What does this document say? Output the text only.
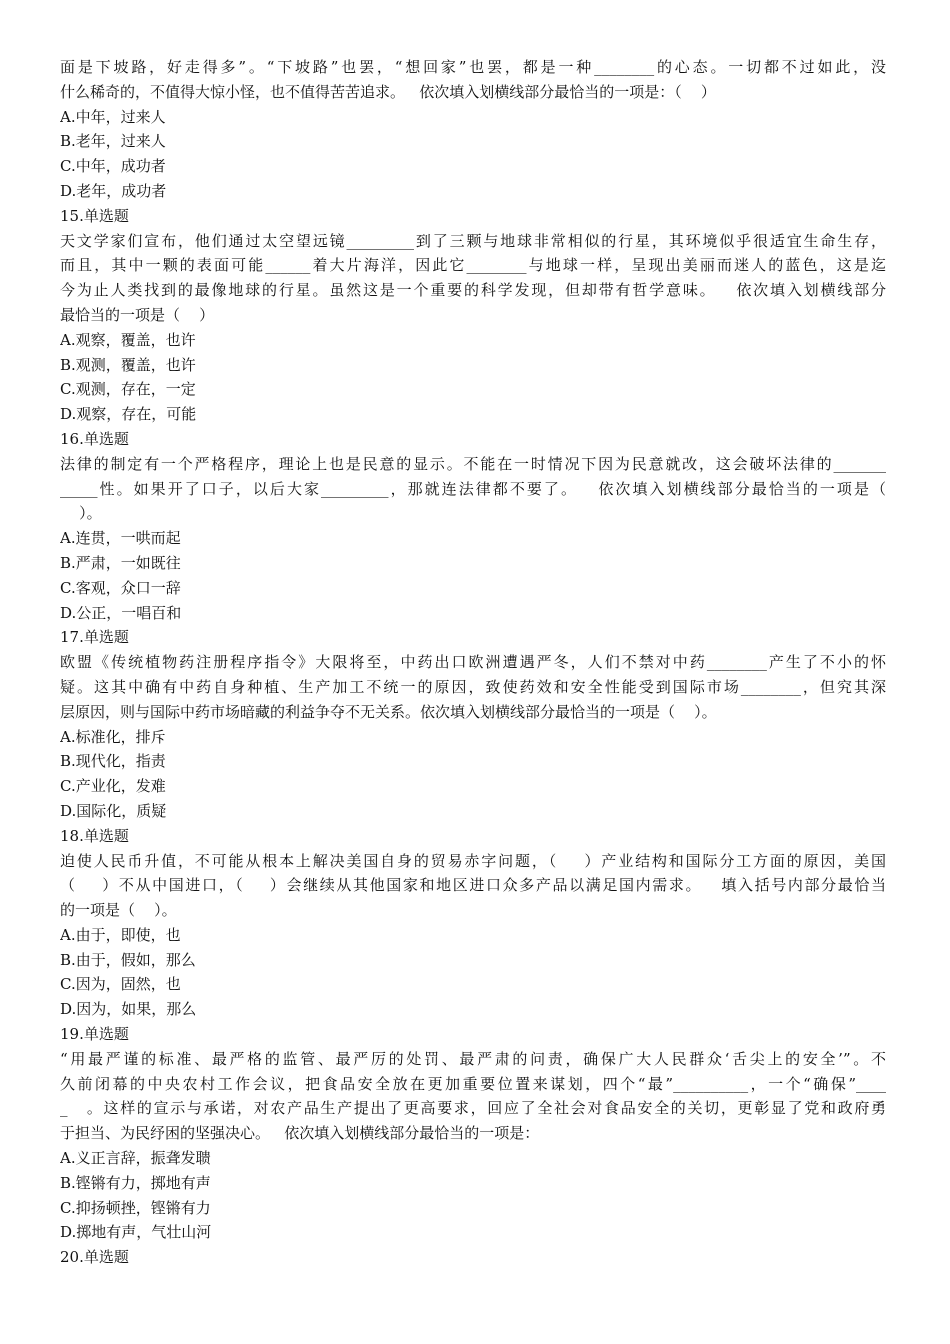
面是下坡路，好走得多”。“下坡路”也罢，“想回家”也罢，都是一种________的心态。一切都不过如此，没
什么稀奇的，不值得大惊小怪，也不值得苦苦追求。   依次填入划横线部分最恰当的一项是：（    ）
A.中年，过来人
B.老年，过来人
C.中年，成功者
D.老年，成功者
15.单选题
天文学家们宣布，他们通过太空望远镜_________到了三颗与地球非常相似的行星，其环境似乎很适宜生命生存，
而且，其中一颗的表面可能______着大片海洋，因此它________与地球一样，呈现出美丽而迷人的蓝色，这是迄
今为止人类找到的最像地球的行星。虽然这是一个重要的科学发现，但却带有哲学意味。   依次填入划横线部分
最恰当的一项是（    ）
A.观察，覆盖，也许
B.观测，覆盖，也许
C.观测，存在，一定
D.观察，存在，可能
16.单选题
法律的制定有一个严格程序，理论上也是民意的显示。不能在一时情况下因为民意就改，这会破坏法律的_______
_____性。如果开了口子，以后大家_________，那就连法律都不要了。   依次填入划横线部分最恰当的一项是（
）。
A.连贯，一哄而起
B.严肃，一如既往
C.客观，众口一辞
D.公正，一唱百和
17.单选题
欧盟《传统植物药注册程序指令》大限将至，中药出口欧洲遭遇严冬，人们不禁对中药________产生了不小的怀
疑。这其中确有中药自身种植、生产加工不统一的原因，致使药效和安全性能受到国际市场________，但究其深
层原因，则与国际中药市场暗藏的利益争夺不无关系。依次填入划横线部分最恰当的一项是（    ）。
A.标准化，排斥
B.现代化，指责
C.产业化，发难
D.国际化，质疑
18.单选题
迫使人民币升值，不可能从根本上解决美国自身的贸易赤字问题，（    ）产业结构和国际分工方面的原因，美国
（    ）不从中国进口，（    ）会继续从其他国家和地区进口众多产品以满足国内需求。   填入括号内部分最恰当
的一项是（    ）。
A.由于，即使，也
B.由于，假如，那么
C.因为，固然，也
D.因为，如果，那么
19.单选题
“用最严谨的标准、最严格的监管、最严厉的处罚、最严肃的问责，确保广大人民群众‘舌尖上的安全’”。不
久前闭幕的中央农村工作会议，把食品安全放在更加重要位置来谋划，四个“最”__________，一个“确保”____
_   。这样的宣示与承诺，对农产品生产提出了更高要求，回应了全社会对食品安全的关切，更彰显了党和政府勇
于担当、为民纾困的坚强决心。   依次填入划横线部分最恰当的一项是：
A.义正言辞，振聋发聩
B.铿锵有力，掷地有声
C.抑扬顿挫，铿锵有力
D.掷地有声，气壮山河
20.单选题
